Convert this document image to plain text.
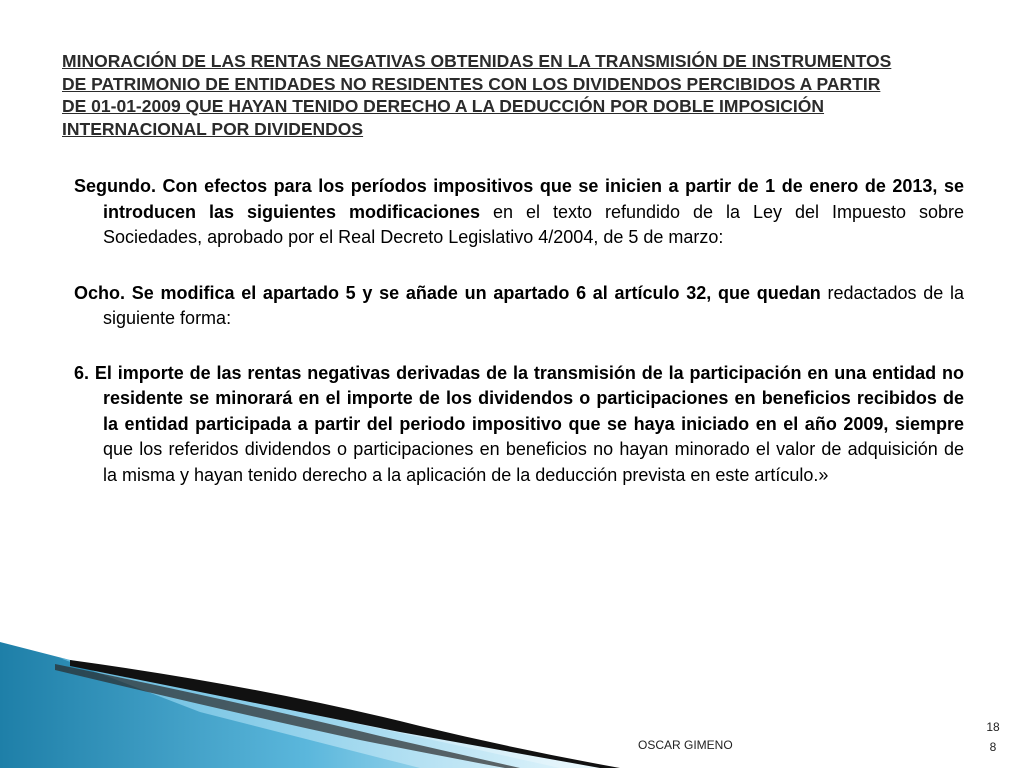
MINORACIÓN DE LAS RENTAS NEGATIVAS OBTENIDAS EN LA TRANSMISIÓN DE INSTRUMENTOS
DE PATRIMONIO DE ENTIDADES NO RESIDENTES CON LOS DIVIDENDOS PERCIBIDOS A PARTIR
DE 01-01-2009 QUE HAYAN TENIDO DERECHO A LA DEDUCCIÓN POR DOBLE IMPOSICIÓN
INTERNACIONAL POR DIVIDENDOS

Segundo. Con efectos para los períodos impositivos que se inicien a partir de 1 de enero de 2013, se introducen las siguientes modificaciones en el texto refundido de la Ley del Impuesto sobre Sociedades, aprobado por el Real Decreto Legislativo 4/2004, de 5 de marzo:

Ocho. Se modifica el apartado 5 y se añade un apartado 6 al artículo 32, que quedan redactados de la siguiente forma:

6. El importe de las rentas negativas derivadas de la transmisión de la participación en una entidad no residente se minorará en el importe de los dividendos o participaciones en beneficios recibidos de la entidad participada a partir del periodo impositivo que se haya iniciado en el año 2009, siempre que los referidos dividendos o participaciones en beneficios no hayan minorado el valor de adquisición de la misma y hayan tenido derecho a la aplicación de la deducción prevista en este artículo.»

OSCAR GIMENO
18
8
